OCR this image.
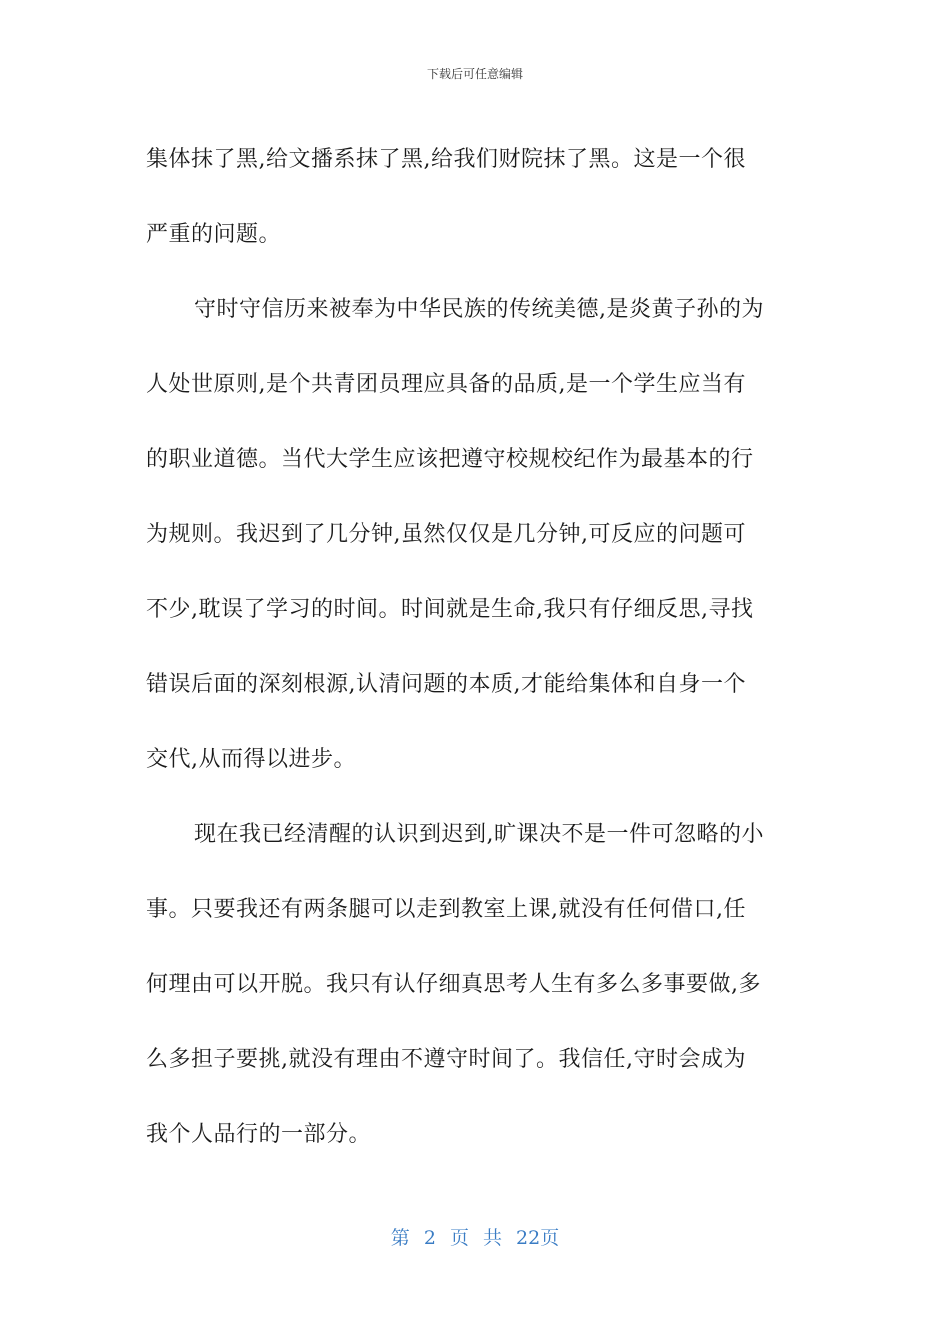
下载后可任意编辑
集体抹了黑,给文播系抹了黑,给我们财院抹了黑。这是一个很
严重的问题。
守时守信历来被奉为中华民族的传统美德,是炎黄子孙的为
人处世原则,是个共青团员理应具备的品质,是一个学生应当有
的职业道德。当代大学生应该把遵守校规校纪作为最基本的行
为规则。我迟到了几分钟,虽然仅仅是几分钟,可反应的问题可
不少,耽误了学习的时间。时间就是生命,我只有仔细反思,寻找
错误后面的深刻根源,认清问题的本质,才能给集体和自身一个
交代,从而得以进步。
现在我已经清醒的认识到迟到,旷课决不是一件可忽略的小
事。只要我还有两条腿可以走到教室上课,就没有任何借口,任
何理由可以开脱。我只有认仔细真思考人生有多么多事要做,多
么多担子要挑,就没有理由不遵守时间了。我信任,守时会成为
我个人品行的一部分。
第 2 页 共 22页
